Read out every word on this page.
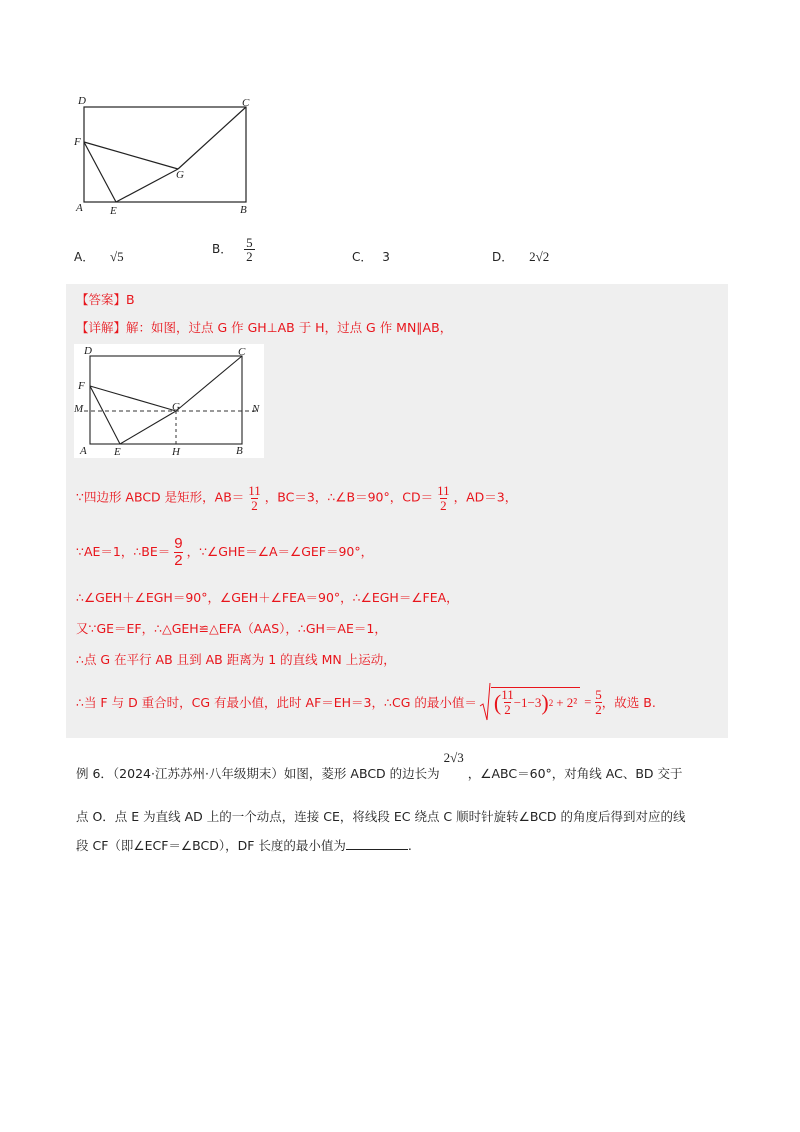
D	C
F
G
A E	B
A． √5	B． $\frac{5}{2}$	C． 3	D． 2√2
【答案】B
【详解】解：如图，过点 G 作 GH⊥AB 于 H，过点 G 作 MN∥AB，
D	C
F
M	G	N
A E	H	B
∵四边形 ABCD 是矩形，$AB= \frac{11}{2}$ ，BC＝3，∴∠B＝90°，$CD= \frac{11}{2}$ ，AD＝3，
∵AE＝1，∴BE＝ $\frac{9}{2}$ ，∵∠GHE＝∠A＝∠GEF＝90°，
∴∠GEH＋∠EGH＝90°，∠GEH＋∠FEA＝90°，∴∠EGH＝∠FEA，
又∵GE＝EF，∴△GEH≌△EFA（AAS），∴GH＝AE＝1，
∴点 G 在平行 AB 且到 AB 距离为 1 的直线 MN 上运动，
∴当 F 与 D 重合时，CG 有最小值，此时 AF＝EH＝3，∴CG 的最小值＝ ( $\frac{11}{2} -1-3$ ) $2 + 2^2 = \frac{5}{2}$ ，故选 B.
例 6．（2024·江苏苏州·八年级期末）如图，菱形 ABCD 的边长为
2√3
，∠ABC＝60°，对角线 AC、BD 交于
点 O．点 E 为直线 AD 上的一个动点，连接 CE，将线段 EC 绕点 C 顺时针旋转∠BCD 的角度后得到对应的线
段 CF（即∠ECF＝∠BCD），DF 长度的最小值为	.
